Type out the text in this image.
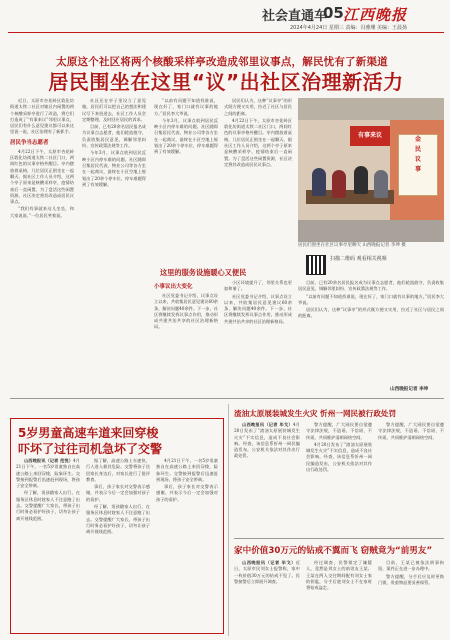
社会直通车
05 江西晚报
2024年4月24日 星期三 责编：冯雅珊 美编：王晨扬
太原这个社区将两个核酸采样亭改造成邻里议事点，解民忧有了新渠道
居民围坐在这里“议”出社区治理新活力

近日，太原市杏花岭区敦化坊街道太铁二社区对辖区内闲置的两个核酸采样亭进行了改造，将它们打造成了“有事来议”邻里议事点，居民们有什么意见建议都可以来这里说一说，社区治理有了新抓手。

居民争当志愿者

4月22日下午，太原市杏花岭区敦化坊街道太铁二社区门口，两间红色的议事亭格外醒目。亭内摆放着桌椅，几位居民正围坐在一起聊天。据社区工作人员介绍，这两个亭子原来是核酸采样亭，疫情结束后一直闲置。为了盘活这些闲置资源，社区决定将其改造成居民议事点。

“我们有事就来这儿坐坐，和大家说说。”一位居民笑着说。

社区还在亭子里设立了意见箱，居民们可以把自己的想法和建议写下来投进去，社区工作人员会定期整理，及时回应居民的诉求。

目前，已有20余名居民报名成为议事点志愿者，他们轮流值守，负责收集居民意见、调解邻里纠纷、宣传政策法规等工作。

今年3月，议事点收到居民反映小区内停车难的问题。社区随即召集居民代表、物业公司等各方坐在一起商议，最终在小区空地上规划出了20余个停车位，停车难题得到了有效缓解。

“以前有问题不知道找谁说，现在好了，家门口就有议事的地方。”居民李大爷说。

今年3月，议事点收到居民反映小区内停车难的问题。社区随即召集居民代表、物业公司等各方坐在一起商议，最终在小区空地上规划出了20余个停车位，停车难题得到了有效缓解。

居民们认为，这种“议事亭”的形式既方便又实用，拉近了社区与居民之间的距离。

4月22日下午，太原市杏花岭区敦化坊街道太铁二社区门口，两间红色的议事亭格外醒目。亭内摆放着桌椅，几位居民正围坐在一起聊天。据社区工作人员介绍，这两个亭子原来是核酸采样亭，疫情结束后一直闲置。为了盘活这些闲置资源，社区决定将其改造成居民议事点。

这里的服务设施暖心又便民
小事议出大变化

社区党委书记介绍，议事点设立以来，共收集居民意见建议60余条，解决问题40余件。下一步，社区将继续发挥议事点作用，推动形成共建共治共享的社区治理新格局。

小区环境提升了，邻里关系也更加和谐了。

社区党委书记介绍，议事点设立以来，共收集居民意见建议60余条，解决问题40余件。下一步，社区将继续发挥议事点作用，推动形成共建共治共享的社区治理新格局。

目前，已有20余名居民报名成为议事点志愿者，他们轮流值守，负责收集居民意见、调解邻里纠纷、宣传政策法规等工作。

“以前有问题不知道找谁说，现在好了，家门口就有议事的地方。”居民李大爷说。

居民们认为，这种“议事亭”的形式既方便又实用，拉近了社区与居民之间的距离。

山西晚报记者 李坤
有事来议
金
民
议
事
居民们围坐在社区议事亭里聊天 山西晚报记者 李坤 摄
扫描二维码 观看相关视频
5岁男童高速车道来回穿梭
吓坏了过往司机急坏了交警

山西晚报讯（记者 范悦）4月21日下午，一名5岁男童独自在高速公路上来回穿梭，险象环生。交警接到报警后迅速赶到现场，将孩子安全带离。

经了解，男孩随家人出行，在服务区休息时趁家人不注意跑了出去。交警提醒广大家长，带孩子出行时务必看护好孩子，切勿让孩子离开视线范围。

据了解，高速公路上车速快，行人进入极其危险。交警将孩子送回家长身边后，对家长进行了批评教育。

事后，孩子家长对交警表示感谢，并表示今后一定会加强对孩子的看护。

经了解，男孩随家人出行，在服务区休息时趁家人不注意跑了出去。交警提醒广大家长，带孩子出行时务必看护好孩子，切勿让孩子离开视线范围。

4月21日下午，一名5岁男童独自在高速公路上来回穿梭，险象环生。交警接到报警后迅速赶到现场，将孩子安全带离。

事后，孩子家长对交警表示感谢，并表示今后一定会加强对孩子的看护。

渣油太原展装城发生火灾 忻州一网民被行政处罚

山西晚报讯（记者 毕戈）4月20日发布了“渣油太原展装城发生火灾”不实信息，造成不良社会影响。经查，该信息系忻州一网民编造发布，公安机关依法对其作出行政处罚。

警方提醒，广大网民要自觉遵守法律法规，不造谣、不信谣、不传谣，共同维护清朗网络空间。

4月20日发布了“渣油太原展装城发生火灾”不实信息，造成不良社会影响。经查，该信息系忻州一网民编造发布，公安机关依法对其作出行政处罚。

警方提醒，广大网民要自觉遵守法律法规，不造谣、不信谣、不传谣，共同维护清朗网络空间。

家中价值30万元的钻戒不翼而飞 窃贼竟为“前男友”

山西晚报讯（记者 毕戈）近日，太原市民刘女士报警称，家中一枚价值30万元的钻戒不见了。民警接警后立即展开调查。

经过调查，民警锁定了嫌疑人，竟然是刘女士的前男友王某。王某在两人交往期间配有刘女士家的钥匙，分手后趁刘女士不在家时将钻戒盗走。

目前，王某已被依法刑事拘留，案件正在进一步办理中。

警方提醒，分手后应及时更换门锁，贵重物品要妥善保管。
